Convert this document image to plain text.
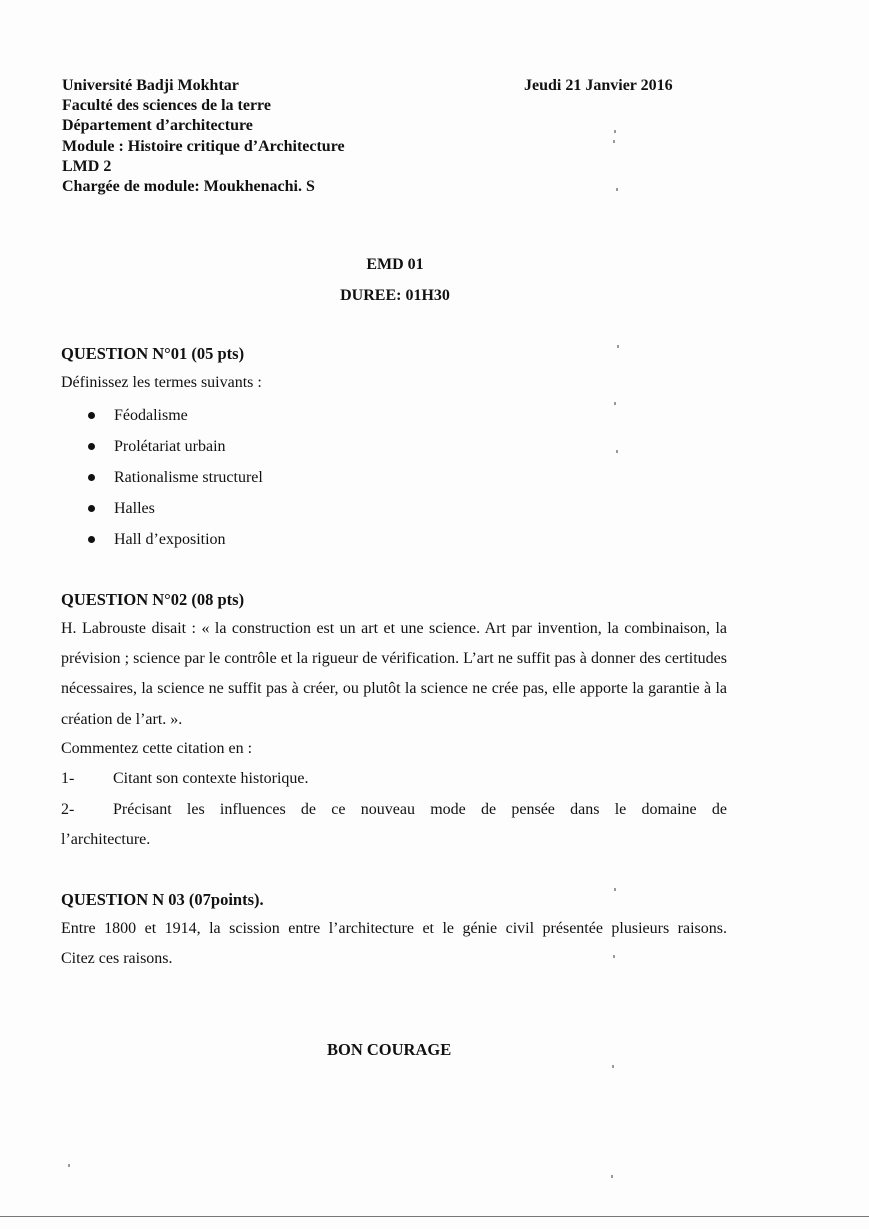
Université Badji Mokhtar
Faculté des sciences de la terre
Département d’architecture
Module : Histoire critique d’Architecture
LMD 2
Chargée de module: Moukhenachi. S
Jeudi 21 Janvier 2016
EMD 01
DUREE: 01H30
QUESTION N°01 (05 pts)
Définissez les termes suivants :
Féodalisme
Prolétariat urbain
Rationalisme structurel
Halles
Hall d’exposition
QUESTION N°02 (08 pts)
H. Labrouste disait : « la construction est un art et une science. Art par invention, la combinaison, la prévision ; science par le contrôle et la rigueur de vérification. L’art ne suffit pas à donner des certitudes nécessaires, la science ne suffit pas à créer, ou plutôt la science ne crée pas, elle apporte la garantie à la création de l’art. ».
Commentez cette citation en :
1- Citant son contexte historique.
2- Précisant les influences de ce nouveau mode de pensée dans le domaine de
l’architecture.
QUESTION N 03 (07points).
Entre 1800 et 1914, la scission entre l’architecture et le génie civil présentée plusieurs raisons.
Citez ces raisons.
BON COURAGE
